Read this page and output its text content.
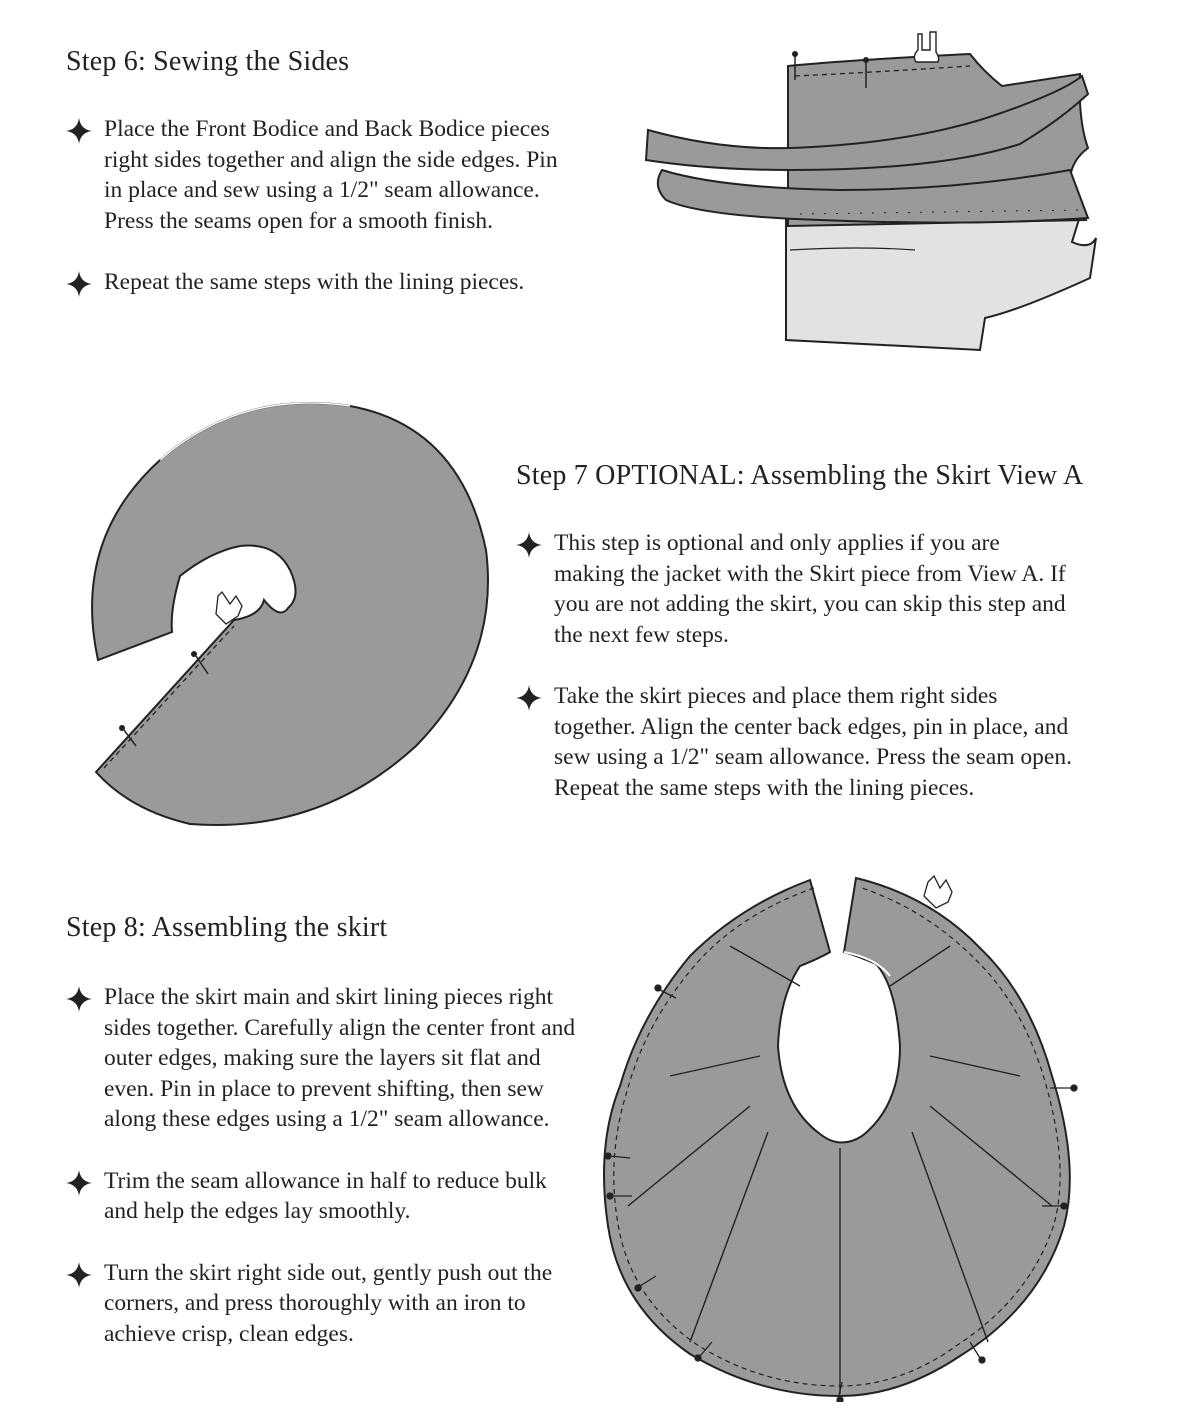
Step 6: Sewing the Sides
Place the Front Bodice and Back Bodice pieces right sides together and align the side edges. Pin in place and sew using a 1/2" seam allowance. Press the seams open for a smooth finish.
Repeat the same steps with the lining pieces.
Step 7 OPTIONAL: Assembling the Skirt View A
This step is optional and only applies if you are making the jacket with the Skirt piece from View A. If you are not adding the skirt, you can skip this step and the next few steps.
Take the skirt pieces and place them right sides together. Align the center back edges, pin in place, and sew using a 1/2" seam allowance. Press the seam open. Repeat the same steps with the lining pieces.
Step 8: Assembling the skirt
Place the skirt main and skirt lining pieces right sides together. Carefully align the center front and outer edges, making sure the layers sit flat and even. Pin in place to prevent shifting, then sew along these edges using a 1/2" seam allowance.
Trim the seam allowance in half to reduce bulk and help the edges lay smoothly.
Turn the skirt right side out, gently push out the corners, and press thoroughly with an iron to achieve crisp, clean edges.
